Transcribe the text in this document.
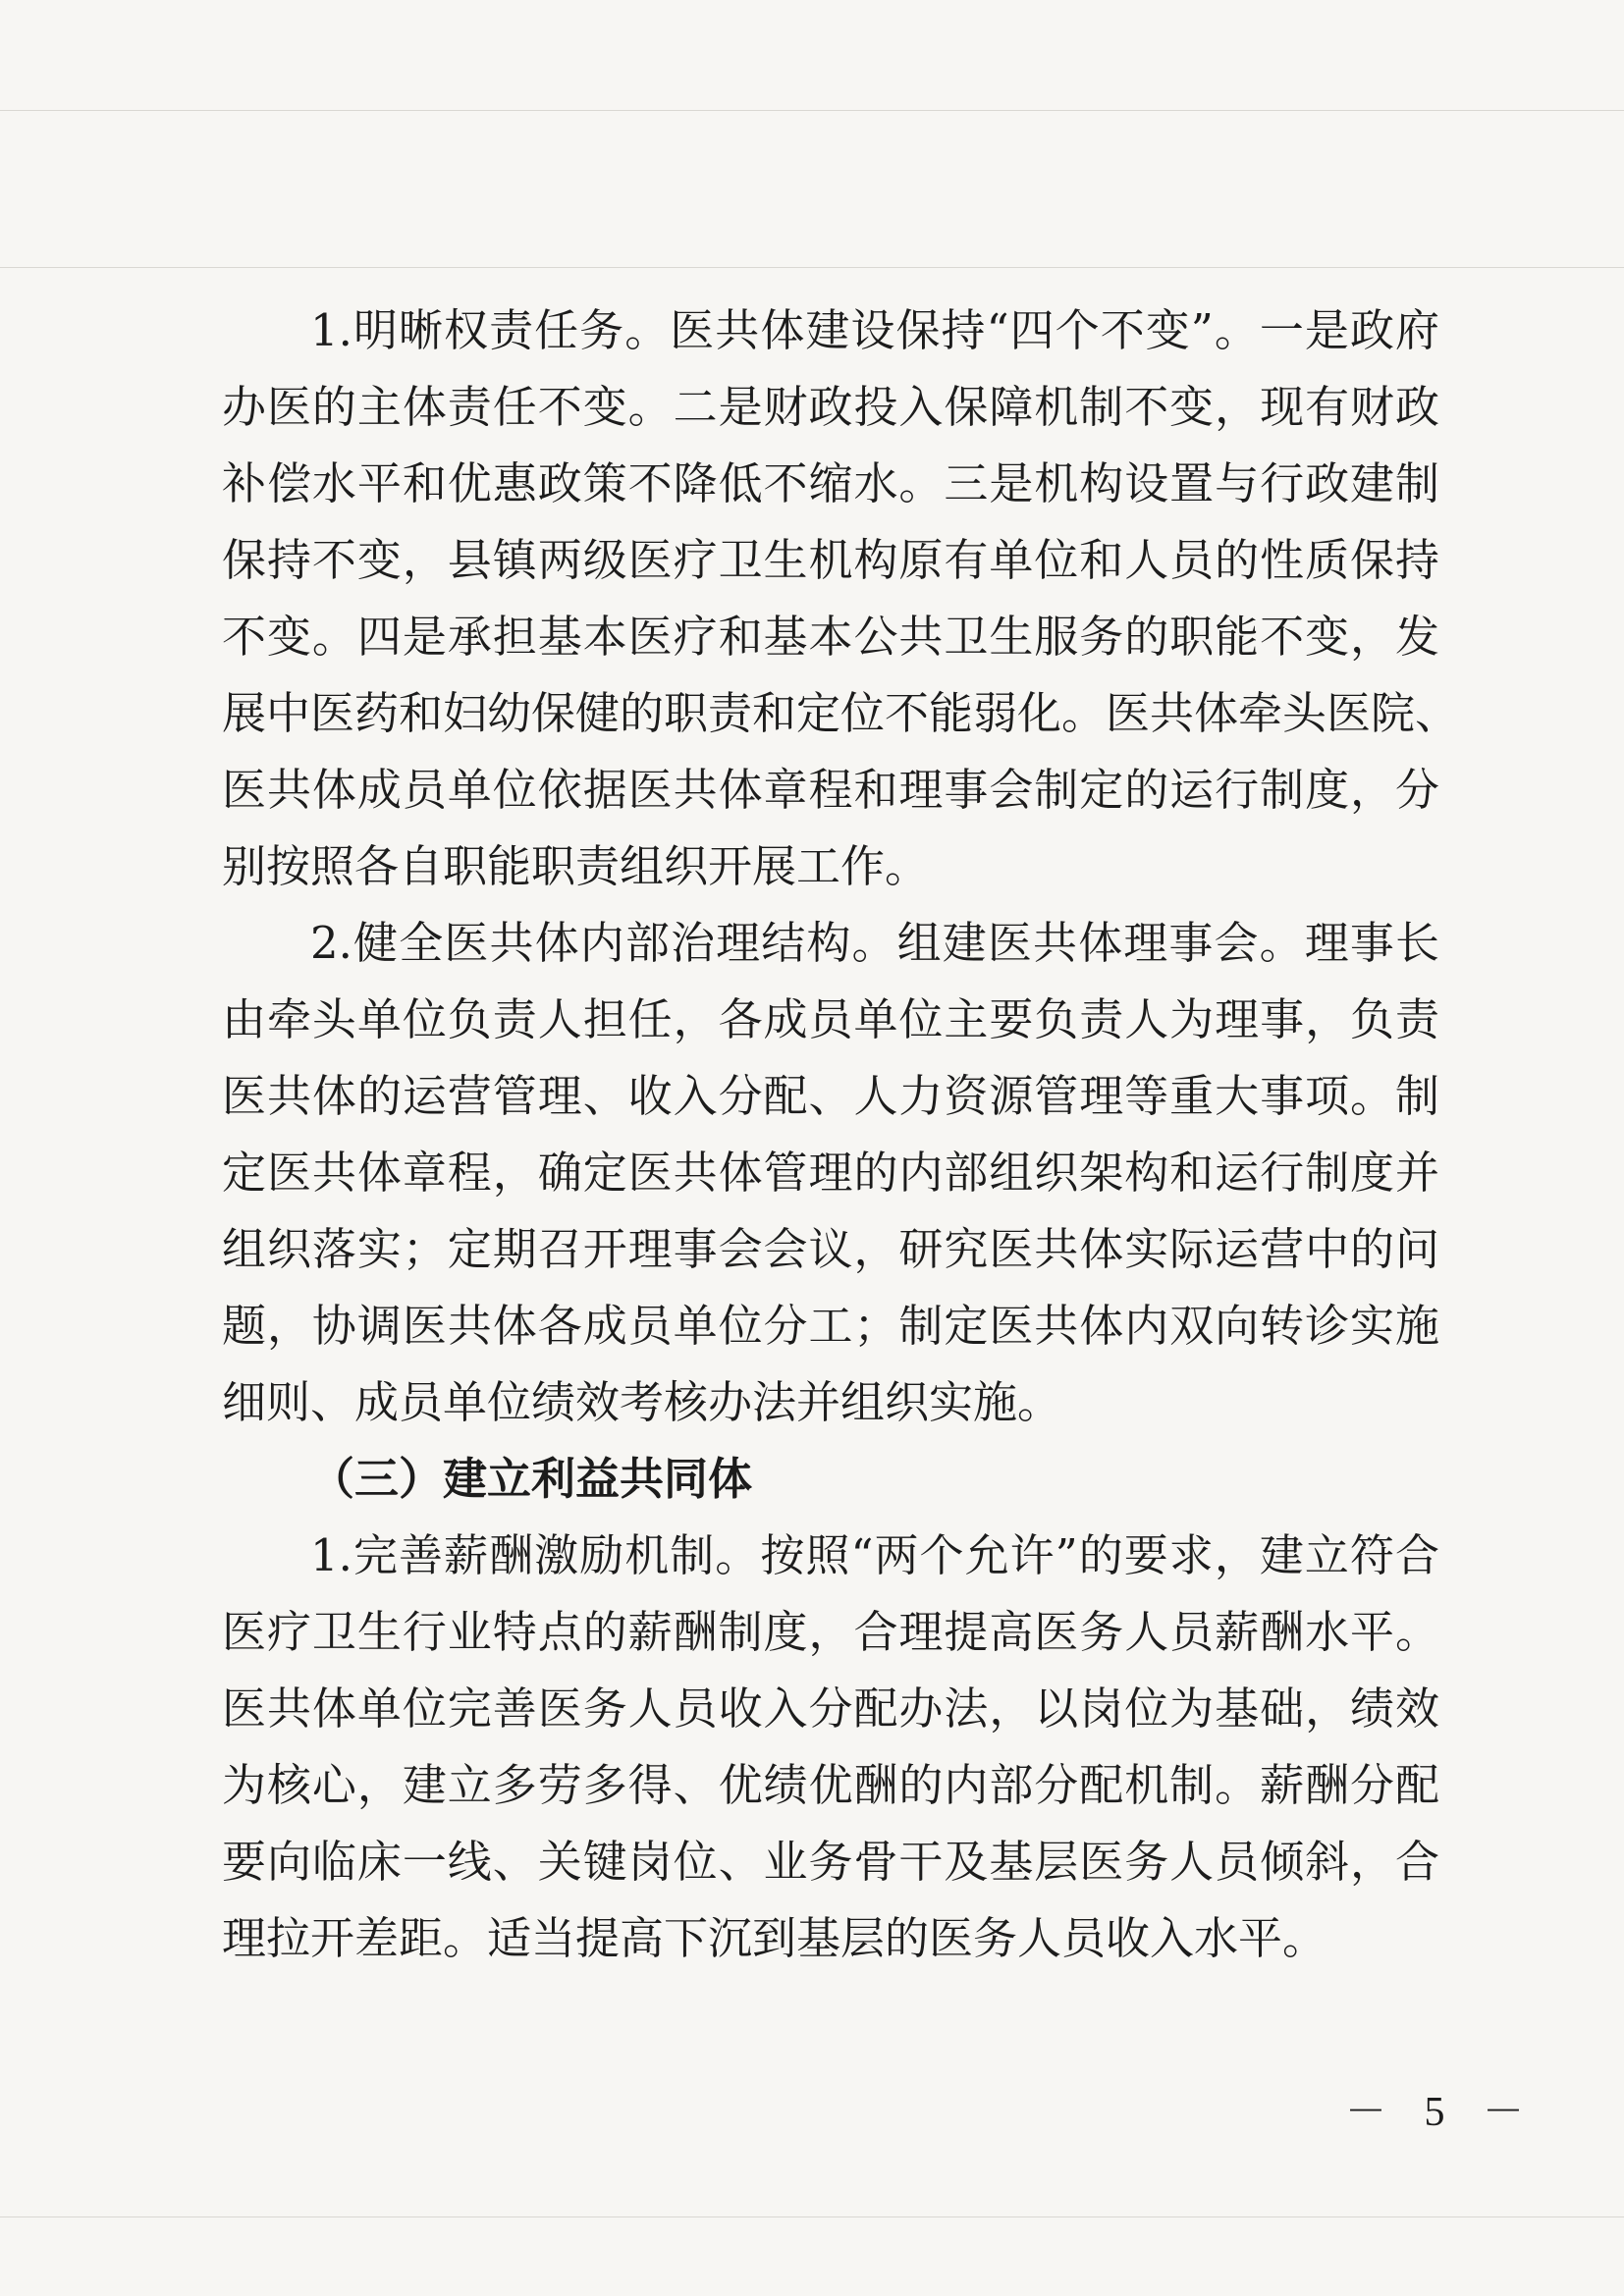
1.明晰权责任务。医共体建设保持“四个不变”。一是政府
办医的主体责任不变。二是财政投入保障机制不变，现有财政
补偿水平和优惠政策不降低不缩水。三是机构设置与行政建制
保持不变，县镇两级医疗卫生机构原有单位和人员的性质保持
不变。四是承担基本医疗和基本公共卫生服务的职能不变，发
展中医药和妇幼保健的职责和定位不能弱化。医共体牵头医院、
医共体成员单位依据医共体章程和理事会制定的运行制度，分
别按照各自职能职责组织开展工作。
2.健全医共体内部治理结构。组建医共体理事会。理事长
由牵头单位负责人担任，各成员单位主要负责人为理事，负责
医共体的运营管理、收入分配、人力资源管理等重大事项。制
定医共体章程，确定医共体管理的内部组织架构和运行制度并
组织落实；定期召开理事会会议，研究医共体实际运营中的问
题，协调医共体各成员单位分工；制定医共体内双向转诊实施
细则、成员单位绩效考核办法并组织实施。
（三）建立利益共同体
1.完善薪酬激励机制。按照“两个允许”的要求，建立符合
医疗卫生行业特点的薪酬制度，合理提高医务人员薪酬水平。
医共体单位完善医务人员收入分配办法，以岗位为基础，绩效
为核心，建立多劳多得、优绩优酬的内部分配机制。薪酬分配
要向临床一线、关键岗位、业务骨干及基层医务人员倾斜，合
理拉开差距。适当提高下沉到基层的医务人员收入水平。
－ 5 －
